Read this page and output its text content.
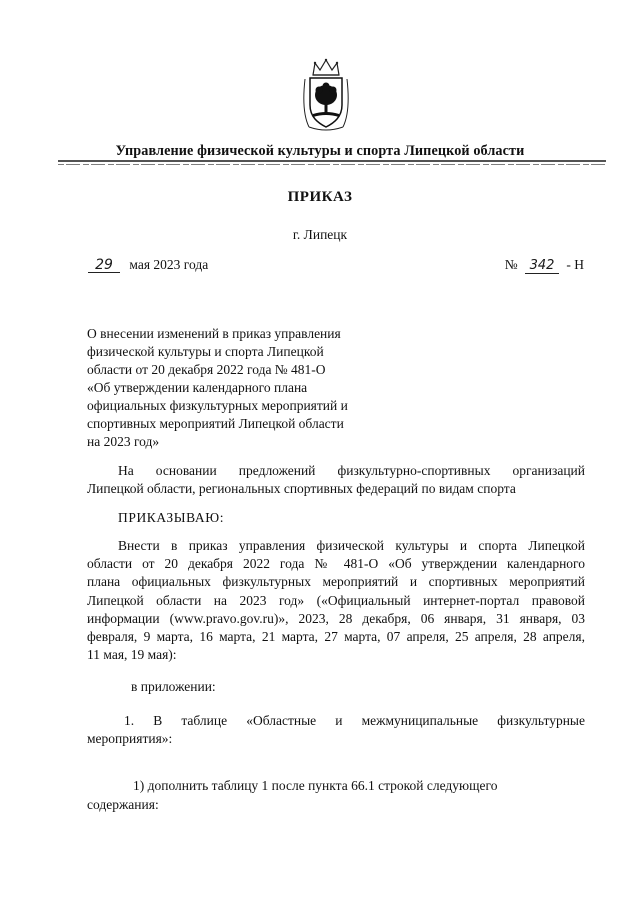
Управление физической культуры и спорта Липецкой области
ПРИКАЗ
г. Липецк
29 мая 2023 года	№ 342 - Н
О внесении изменений в приказ управления
физической культуры и спорта Липецкой
области от 20 декабря 2022 года № 481-О
«Об утверждении календарного плана
официальных физкультурных мероприятий и
спортивных мероприятий Липецкой области
на 2023 год»
На основании предложений физкультурно-спортивных организаций
Липецкой области, региональных спортивных федераций по видам спорта
ПРИКАЗЫВАЮ:
Внести в приказ управления физической культуры и спорта Липецкой
области от 20 декабря 2022 года № 481-О «Об утверждении календарного
плана официальных физкультурных мероприятий и спортивных мероприятий
Липецкой области на 2023 год» («Официальный интернет-портал правовой
информации (www.pravo.gov.ru)», 2023, 28 декабря, 06 января, 31 января, 03
февраля, 9 марта, 16 марта, 21 марта, 27 марта, 07 апреля, 25 апреля, 28 апреля,
11 мая, 19 мая):
в приложении:
1. В таблице «Областные и межмуниципальные физкультурные
мероприятия»:
1) дополнить таблицу 1 после пункта 66.1 строкой следующего
содержания:
